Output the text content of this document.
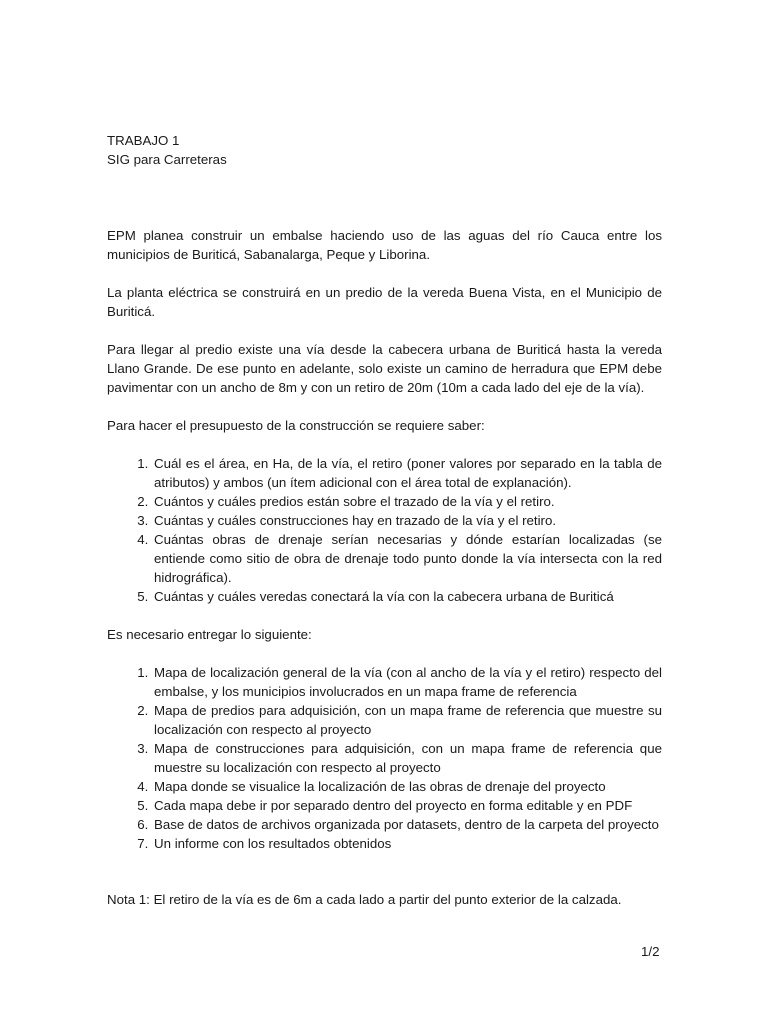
TRABAJO 1

SIG para Carreteras

EPM planea construir un embalse haciendo uso de las aguas del río Cauca entre los municipios de Buriticá, Sabanalarga, Peque y Liborina.

La planta eléctrica se construirá en un predio de la vereda Buena Vista, en el Municipio de Buriticá.

Para llegar al predio existe una vía desde la cabecera urbana de Buriticá hasta la vereda Llano Grande. De ese punto en adelante, solo existe un camino de herradura que EPM debe pavimentar con un ancho de 8m y con un retiro de 20m (10m a cada lado del eje de la vía).

Para hacer el presupuesto de la construcción se requiere saber:

1. Cuál es el área, en Ha, de la vía, el retiro (poner valores por separado en la tabla de atributos) y ambos (un ítem adicional con el área total de explanación).
2. Cuántos y cuáles predios están sobre el trazado de la vía y el retiro.
3. Cuántas y cuáles construcciones hay en trazado de la vía y el retiro.
4. Cuántas obras de drenaje serían necesarias y dónde estarían localizadas (se entiende como sitio de obra de drenaje todo punto donde la vía intersecta con la red hidrográfica).
5. Cuántas y cuáles veredas conectará la vía con la cabecera urbana de Buriticá

Es necesario entregar lo siguiente:

1. Mapa de localización general de la vía (con al ancho de la vía y el retiro) respecto del embalse, y los municipios involucrados en un mapa frame de referencia
2. Mapa de predios para adquisición, con un mapa frame de referencia que muestre su localización con respecto al proyecto
3. Mapa de construcciones para adquisición, con un mapa frame de referencia que muestre su localización con respecto al proyecto
4. Mapa donde se visualice la localización de las obras de drenaje del proyecto
5. Cada mapa debe ir por separado dentro del proyecto en forma editable y en PDF
6. Base de datos de archivos organizada por datasets, dentro de la carpeta del proyecto
7. Un informe con los resultados obtenidos

Nota 1: El retiro de la vía es de 6m a cada lado a partir del punto exterior de la calzada.

1/2
